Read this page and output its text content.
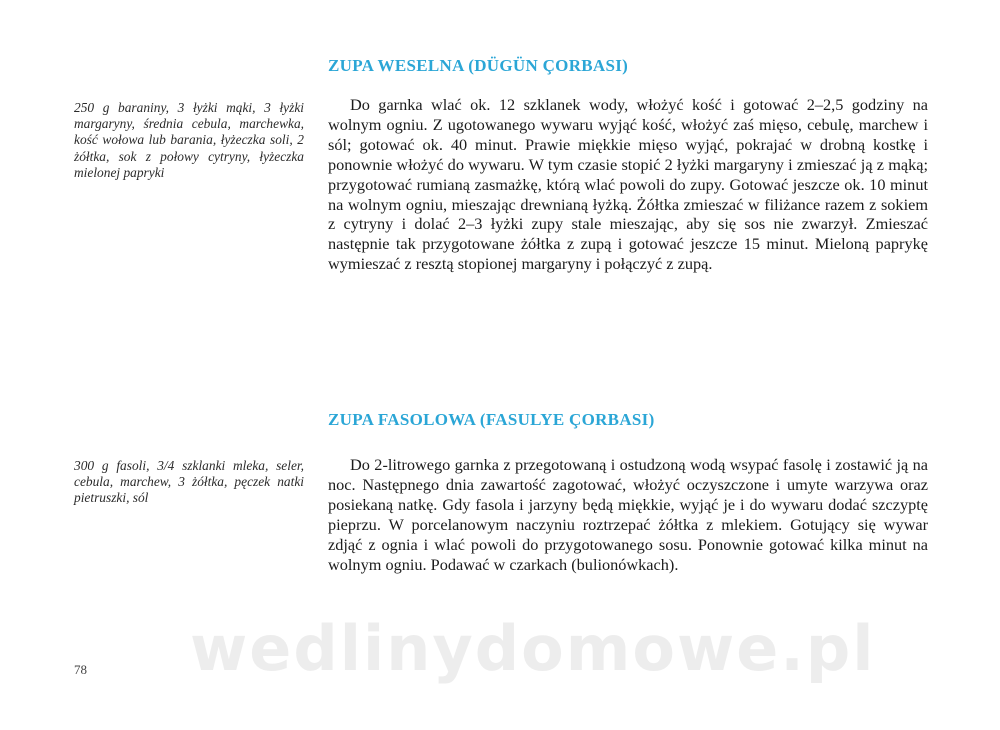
ZUPA WESELNA (DÜGÜN ÇORBASI)

250 g baraniny, 3 łyżki mąki, 3 łyżki margaryny, średnia cebula, marchewka, kość wołowa lub barania, łyżeczka soli, 2 żółtka, sok z połowy cytryny, łyżeczka mielonej papryki

Do garnka wlać ok. 12 szklanek wody, włożyć kość i gotować 2–2,5 godziny na wolnym ogniu. Z ugotowanego wywaru wyjąć kość, włożyć zaś mięso, cebulę, marchew i sól; gotować ok. 40 minut. Prawie miękkie mięso wyjąć, pokrajać w drobną kostkę i ponownie włożyć do wywaru. W tym czasie stopić 2 łyżki margaryny i zmieszać ją z mąką; przygotować rumianą zasmażkę, którą wlać powoli do zupy. Gotować jeszcze ok. 10 minut na wolnym ogniu, mieszając drewnianą łyżką. Żółtka zmieszać w filiżance razem z sokiem z cytryny i dolać 2–3 łyżki zupy stale mieszając, aby się sos nie zwarzył. Zmieszać następnie tak przygotowane żółtka z zupą i gotować jeszcze 15 minut. Mieloną paprykę wymieszać z resztą stopionej margaryny i połączyć z zupą.

ZUPA FASOLOWA (FASULYE ÇORBASI)

300 g fasoli, 3/4 szklanki mleka, seler, cebula, marchew, 3 żółtka, pęczek natki pietruszki, sól

Do 2-litrowego garnka z przegotowaną i ostudzoną wodą wsypać fasolę i zostawić ją na noc. Następnego dnia zawartość zagotować, włożyć oczyszczone i umyte warzywa oraz posiekaną natkę. Gdy fasola i jarzyny będą miękkie, wyjąć je i do wywaru dodać szczyptę pieprzu. W porcelanowym naczyniu roztrzepać żółtka z mlekiem. Gotujący się wywar zdjąć z ognia i wlać powoli do przygotowanego sosu. Ponownie gotować kilka minut na wolnym ogniu. Podawać w czarkach (bulionówkach).

wedlinydomowe.pl
78
